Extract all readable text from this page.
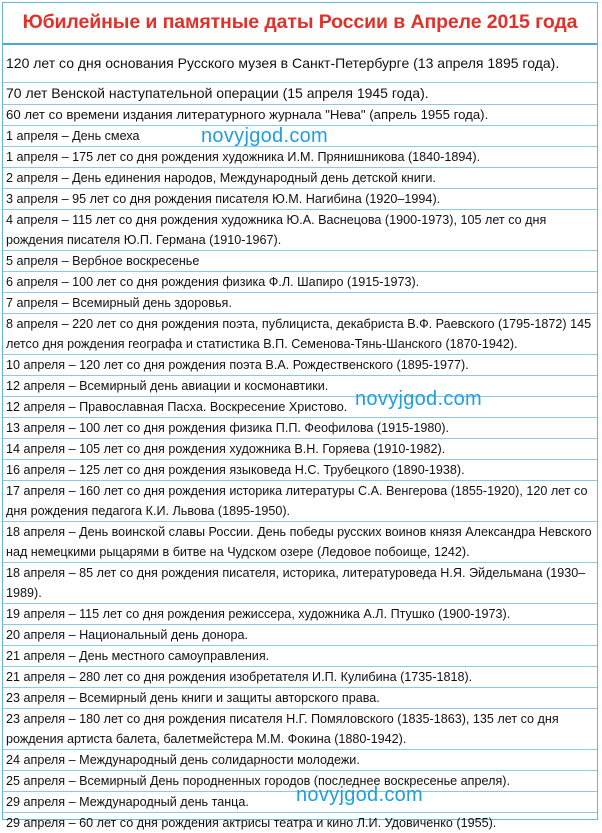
Юбилейные и памятные даты России в Апреле 2015 года
120 лет со дня основания Русского музея в Санкт-Петербурге (13 апреля 1895 года).
70 лет Венской наступательной операции (15 апреля 1945 года).
60 лет со времени издания литературного журнала "Нева" (апрель 1955 года).
1 апреля – День смеха
1 апреля – 175 лет со дня рождения художника И.М. Прянишникова (1840-1894).
2 апреля – День единения народов, Международный день детской книги.
3 апреля – 95 лет со дня рождения писателя Ю.М. Нагибина (1920–1994).
4 апреля – 115 лет со дня рождения художника Ю.А. Васнецова (1900-1973), 105 лет со дня рождения писателя Ю.П. Германа (1910-1967).
5 апреля – Вербное воскресенье
6 апреля – 100 лет со дня рождения физика Ф.Л. Шапиро (1915-1973).
7 апреля – Всемирный день здоровья.
8 апреля – 220 лет со дня рождения поэта, публициста, декабриста В.Ф. Раевского (1795-1872) 145 летсо дня рождения географа и статистика В.П. Семенова-Тянь-Шанского (1870-1942).
10 апреля – 120 лет со дня рождения поэта В.А. Рождественского (1895-1977).
12 апреля – Всемирный день авиации и космонавтики.
12 апреля – Православная Пасха. Воскресение Христово.
13 апреля – 100 лет со дня рождения физика П.П. Феофилова (1915-1980).
14 апреля – 105 лет со дня рождения художника В.Н. Горяева (1910-1982).
16 апреля – 125 лет со дня рождения языковеда Н.С. Трубецкого (1890-1938).
17 апреля – 160 лет со дня рождения историка литературы С.А. Венгерова (1855-1920), 120 лет со дня рождения педагога К.И. Львова (1895-1950).
18 апреля – День воинской славы России. День победы русских воинов князя Александра Невского над немецкими рыцарями в битве на Чудском озере (Ледовое побоище, 1242).
18 апреля – 85 лет со дня рождения писателя, историка, литературоведа Н.Я. Эйдельмана (1930–1989).
19 апреля – 115 лет со дня рождения режиссера, художника А.Л. Птушко (1900-1973).
20 апреля – Национальный день донора.
21 апреля – День местного самоуправления.
21 апреля – 280 лет со дня рождения изобретателя И.П. Кулибина (1735-1818).
23 апреля – Всемирный день книги и защиты авторского права.
23 апреля – 180 лет со дня рождения писателя Н.Г. Помяловского (1835-1863), 135 лет со дня рождения артиста балета, балетмейстера М.М. Фокина (1880-1942).
24 апреля – Международный день солидарности молодежи.
25 апреля – Всемирный День породненных городов (последнее воскресенье апреля).
29 апреля – Международный день танца.
29 апреля – 60 лет со дня рождения актрисы театра и кино Л.И. Удовиченко (1955).
novyjgod.com
novyjgod.com
novyjgod.com
